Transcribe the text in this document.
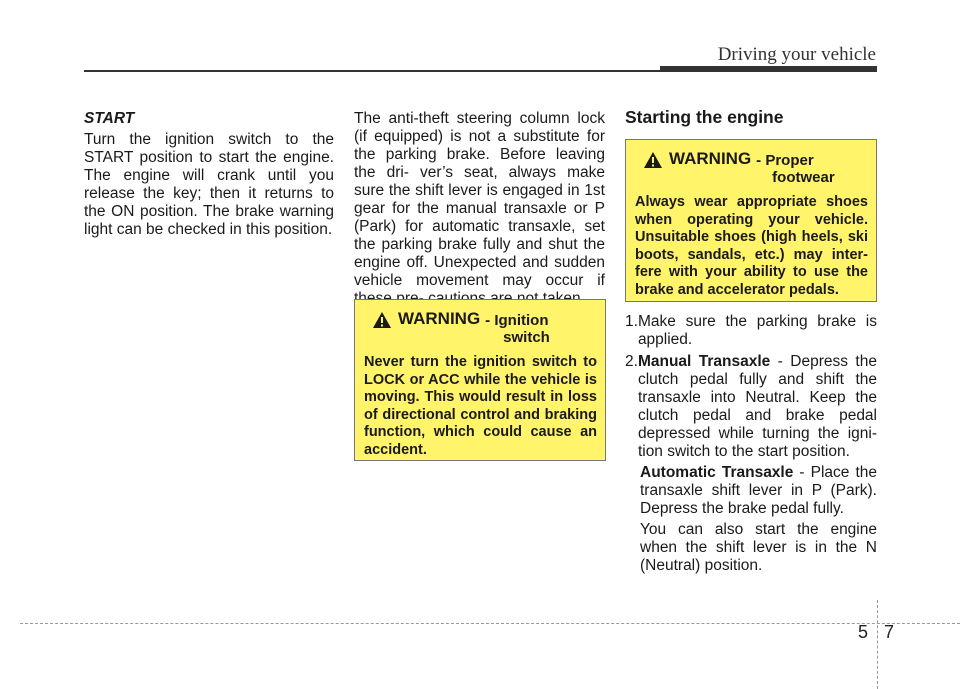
Driving your vehicle
START

Turn the ignition switch to the START position to start the engine. The engine will crank until you release the key; then it returns to the ON position. The brake warning light can be checked in this position.

The anti-theft steering column lock (if equipped) is not a substitute for the parking brake. Before leaving the dri- ver’s seat, always make sure the shift lever is engaged in 1st gear for the manual transaxle or P (Park) for automatic transaxle, set the parking brake fully and shut the engine off. Unexpected and sudden vehicle movement may occur if

WARNING - Ignition
switch
Never turn the ignition switch to LOCK or ACC while the vehicle is moving. This would result in loss of directional control and braking function, which could cause an accident.
Starting the engine
WARNING - Proper
footwear
Always wear appropriate shoes when operating your vehicle. Unsuitable shoes (high heels, ski boots, sandals, etc.) may inter- fere with your ability to use the brake and accelerator pedals.
1. Make sure the parking brake is applied.
2. Manual Transaxle - Depress the clutch pedal fully and shift the transaxle into Neutral. Keep the clutch pedal and brake pedal depressed while turning the igni- tion switch to the start position.
Automatic Transaxle - Place the transaxle shift lever in P (Park). Depress the brake pedal fully.
You can also start the engine when the shift lever is in the N (Neutral) position.
5 7
